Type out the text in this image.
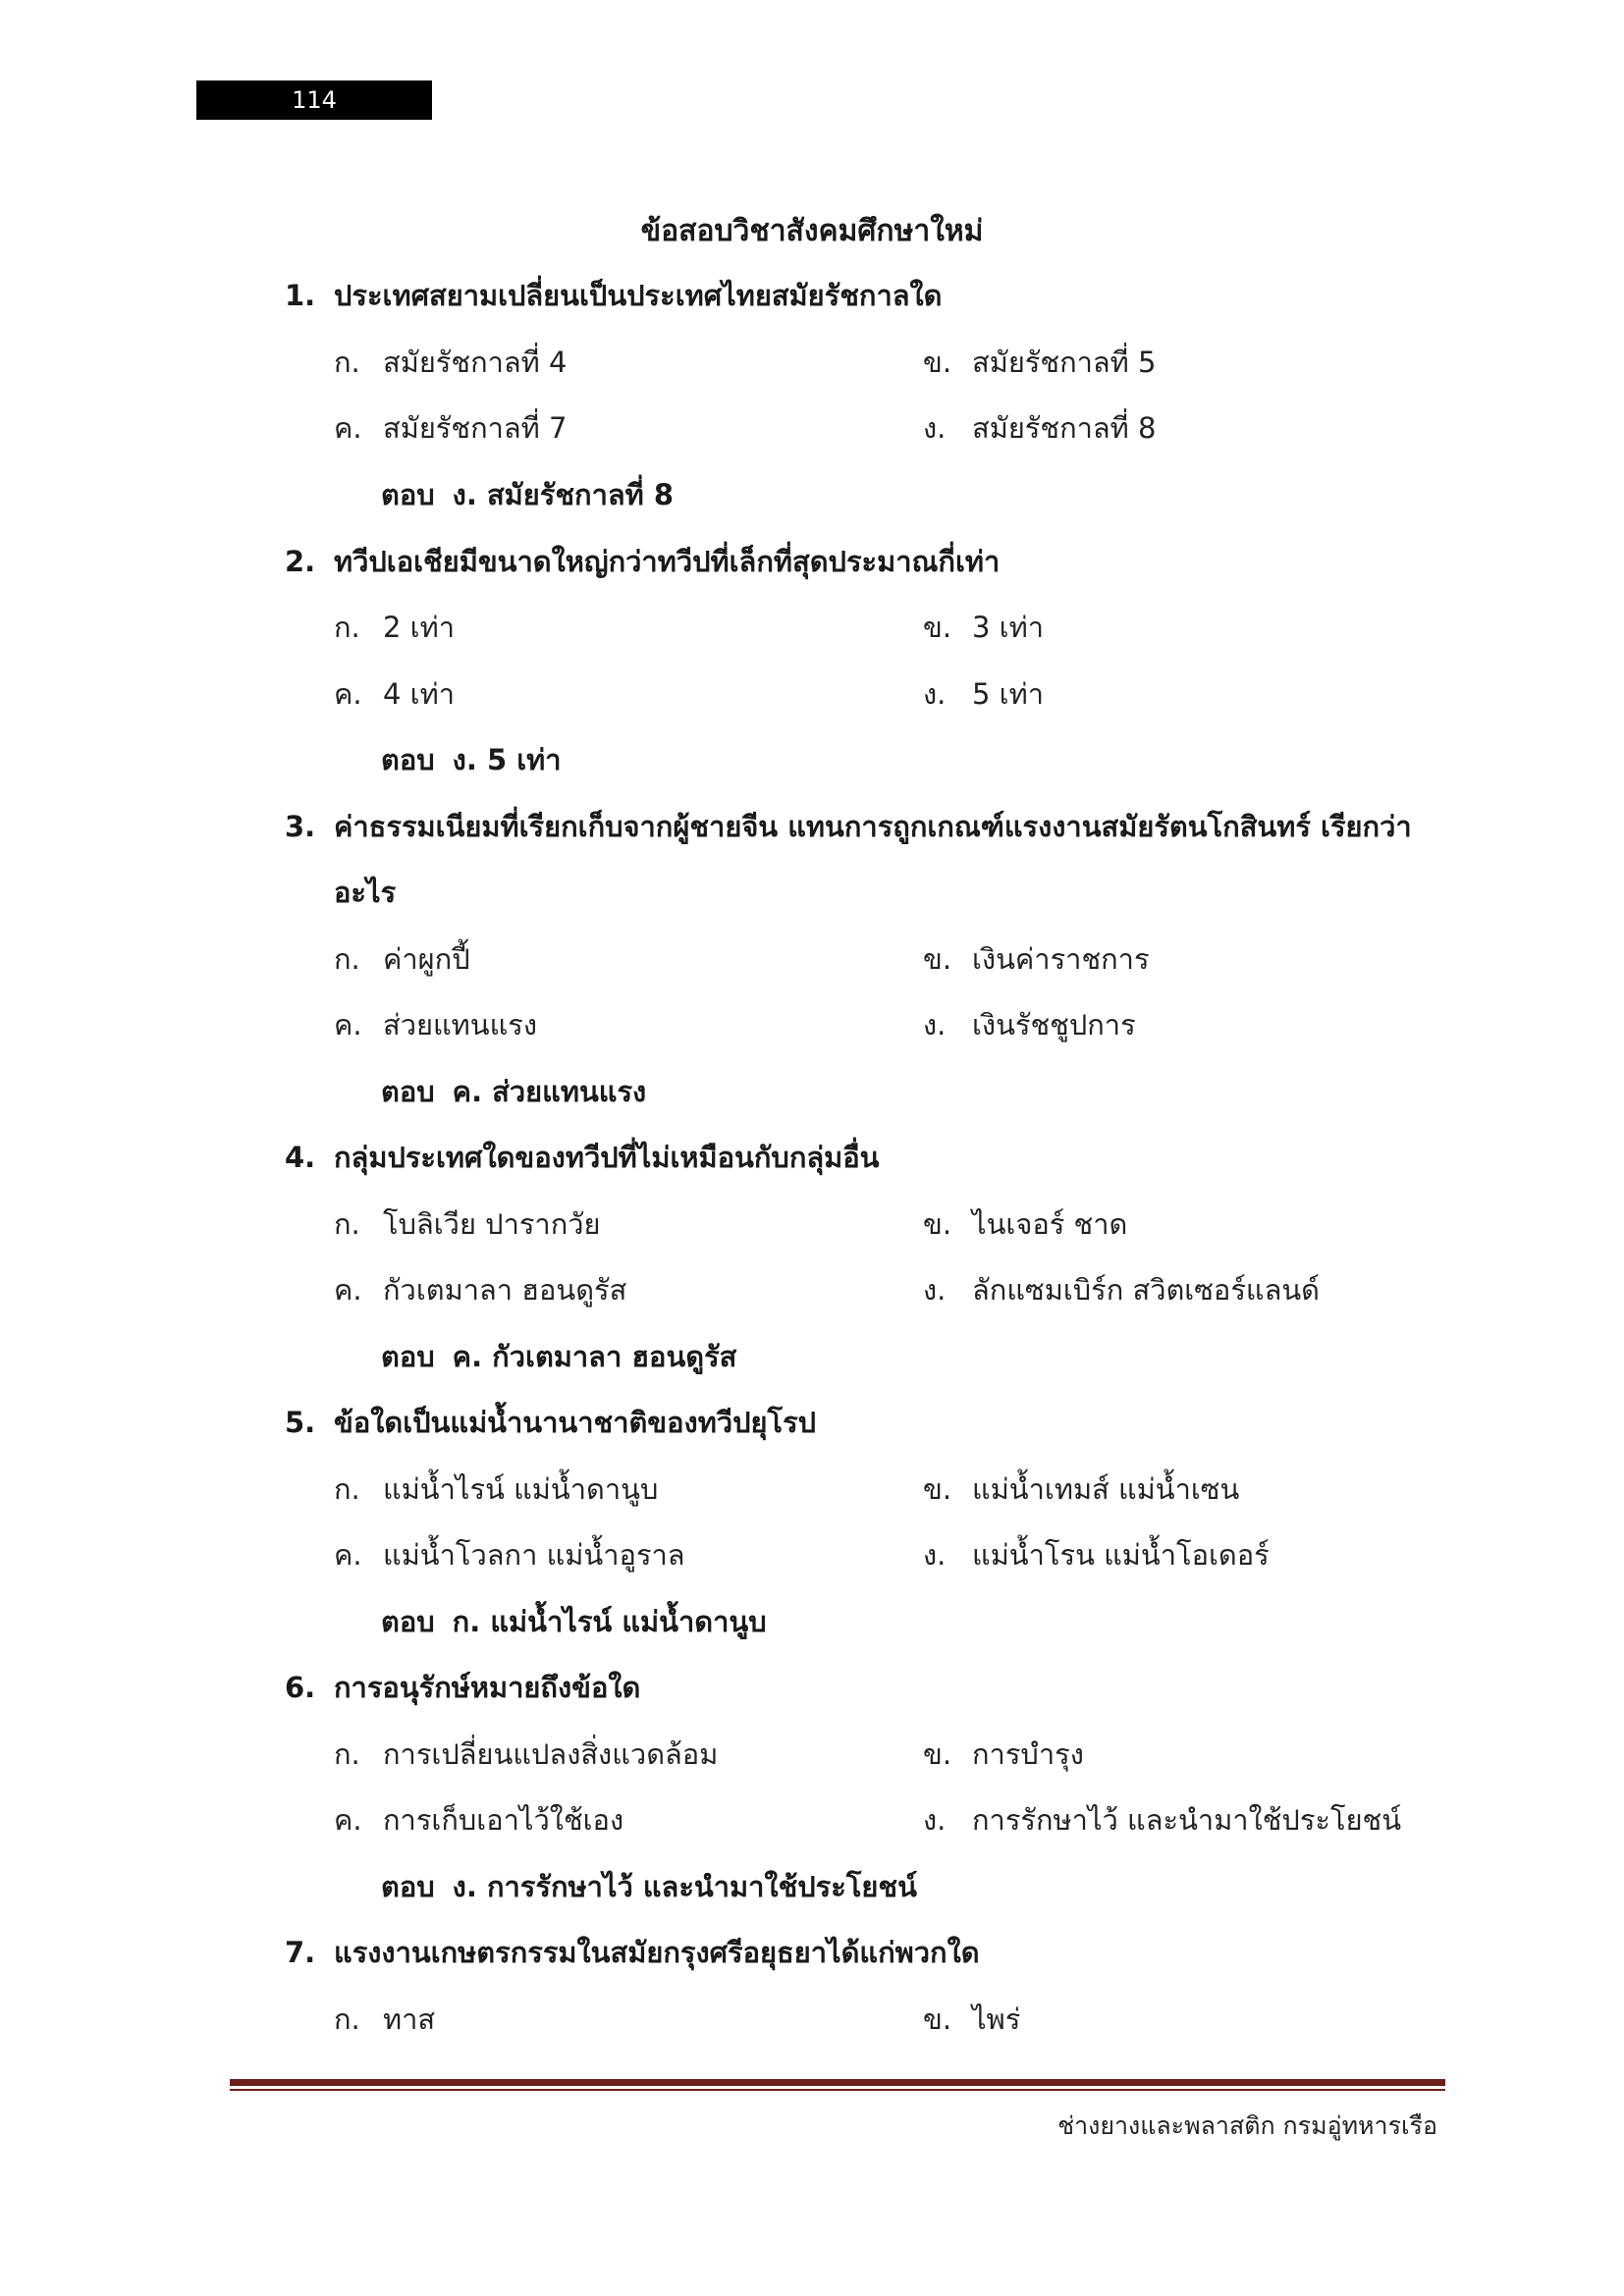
114
ข้อสอบวิชาสังคมศึกษาใหม่
1. ประเทศสยามเปลี่ยนเป็นประเทศไทยสมัยรัชกาลใด
ก. สมัยรัชกาลที่ 4	ข. สมัยรัชกาลที่ 5
ค. สมัยรัชกาลที่ 7	ง. สมัยรัชกาลที่ 8
ตอบ ง. สมัยรัชกาลที่ 8
2. ทวีปเอเชียมีขนาดใหญ่กว่าทวีปที่เล็กที่สุดประมาณกี่เท่า
ก. 2 เท่า	ข. 3 เท่า
ค. 4 เท่า	ง. 5 เท่า
ตอบ ง. 5 เท่า
3. ค่าธรรมเนียมที่เรียกเก็บจากผู้ชายจีน แทนการถูกเกณฑ์แรงงานสมัยรัตนโกสินทร์ เรียกว่า
อะไร
ก. ค่าผูกปี้	ข. เงินค่าราชการ
ค. ส่วยแทนแรง	ง. เงินรัชชูปการ
ตอบ ค. ส่วยแทนแรง
4. กลุ่มประเทศใดของทวีปที่ไม่เหมือนกับกลุ่มอื่น
ก. โบลิเวีย ปารากวัย	ข. ไนเจอร์ ชาด
ค. กัวเตมาลา ฮอนดูรัส	ง. ลักแซมเบิร์ก สวิตเซอร์แลนด์
ตอบ ค. กัวเตมาลา ฮอนดูรัส
5. ข้อใดเป็นแม่น้ำนานาชาติของทวีปยุโรป
ก. แม่น้ำไรน์ แม่น้ำดานูบ	ข. แม่น้ำเทมส์ แม่น้ำเซน
ค. แม่น้ำโวลกา แม่น้ำอูราล	ง. แม่น้ำโรน แม่น้ำโอเดอร์
ตอบ ก. แม่น้ำไรน์ แม่น้ำดานูบ
6. การอนุรักษ์หมายถึงข้อใด
ก. การเปลี่ยนแปลงสิ่งแวดล้อม	ข. การบำรุง
ค. การเก็บเอาไว้ใช้เอง	ง. การรักษาไว้ และนำมาใช้ประโยชน์
ตอบ ง. การรักษาไว้ และนำมาใช้ประโยชน์
7. แรงงานเกษตรกรรมในสมัยกรุงศรีอยุธยาได้แก่พวกใด
ก. ทาส	ข. ไพร่
ช่างยางและพลาสติก กรมอู่ทหารเรือ
